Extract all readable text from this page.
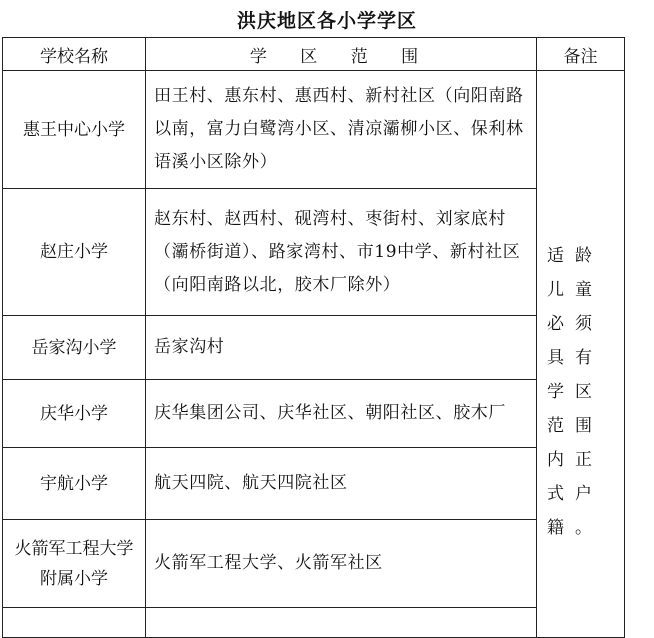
洪庆地区各小学学区
学校名称	学 区 范 围	备注
惠王中心小学	田王村、惠东村、惠西村、新村社区（向阳南路以南，富力白鹭湾小区、清凉灞柳小区、保利林语溪小区除外）	适龄儿童必须具有学区范围内正式户籍。

赵庄小学	赵东村、赵西村、砚湾村、枣街村、刘家底村（灞桥街道）、路家湾村、市19中学、新村社区（向阳南路以北，胶木厂除外）	
岳家沟小学	岳家沟村	
庆华小学	庆华集团公司、庆华社区、朝阳社区、胶木厂	
宇航小学	航天四院、航天四院社区	
火箭军工程大学附属小学	火箭军工程大学、火箭军社区	
